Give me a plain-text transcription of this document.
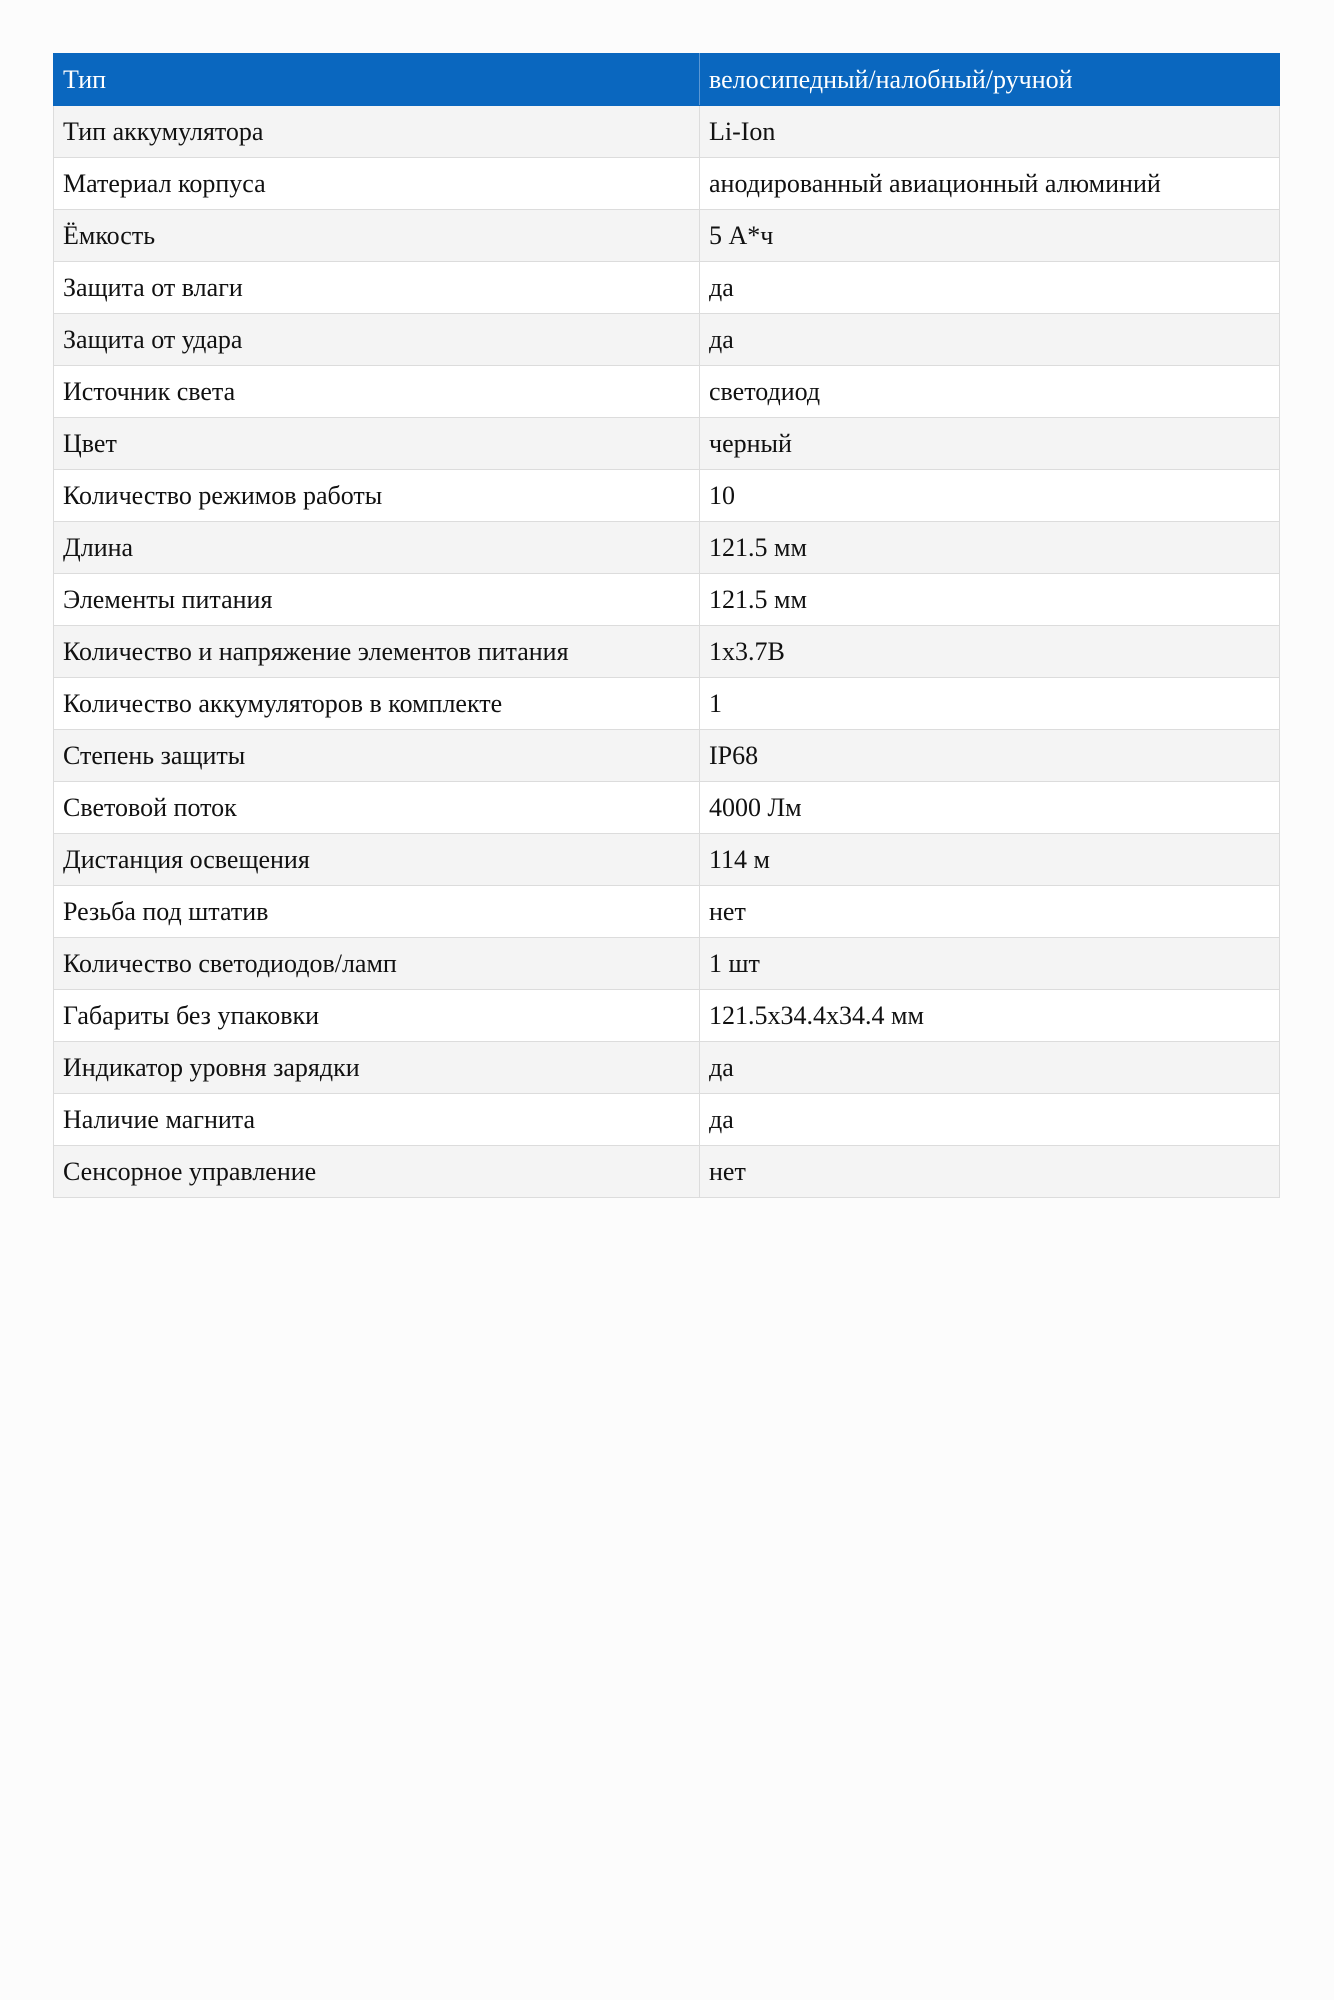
Тип	велосипедный/налобный/ручной
Тип аккумулятора	Li-Ion
Материал корпуса	анодированный авиационный алюминий
Ёмкость	5 А*ч
Защита от влаги	да
Защита от удара	да
Источник света	светодиод
Цвет	черный
Количество режимов работы	10
Длина	121.5 мм
Элементы питания	121.5 мм
Количество и напряжение элементов питания	1x3.7В
Количество аккумуляторов в комплекте	1
Степень защиты	IP68
Световой поток	4000 Лм
Дистанция освещения	114 м
Резьба под штатив	нет
Количество светодиодов/ламп	1 шт
Габариты без упаковки	121.5x34.4x34.4 мм
Индикатор уровня зарядки	да
Наличие магнита	да
Сенсорное управление	нет
